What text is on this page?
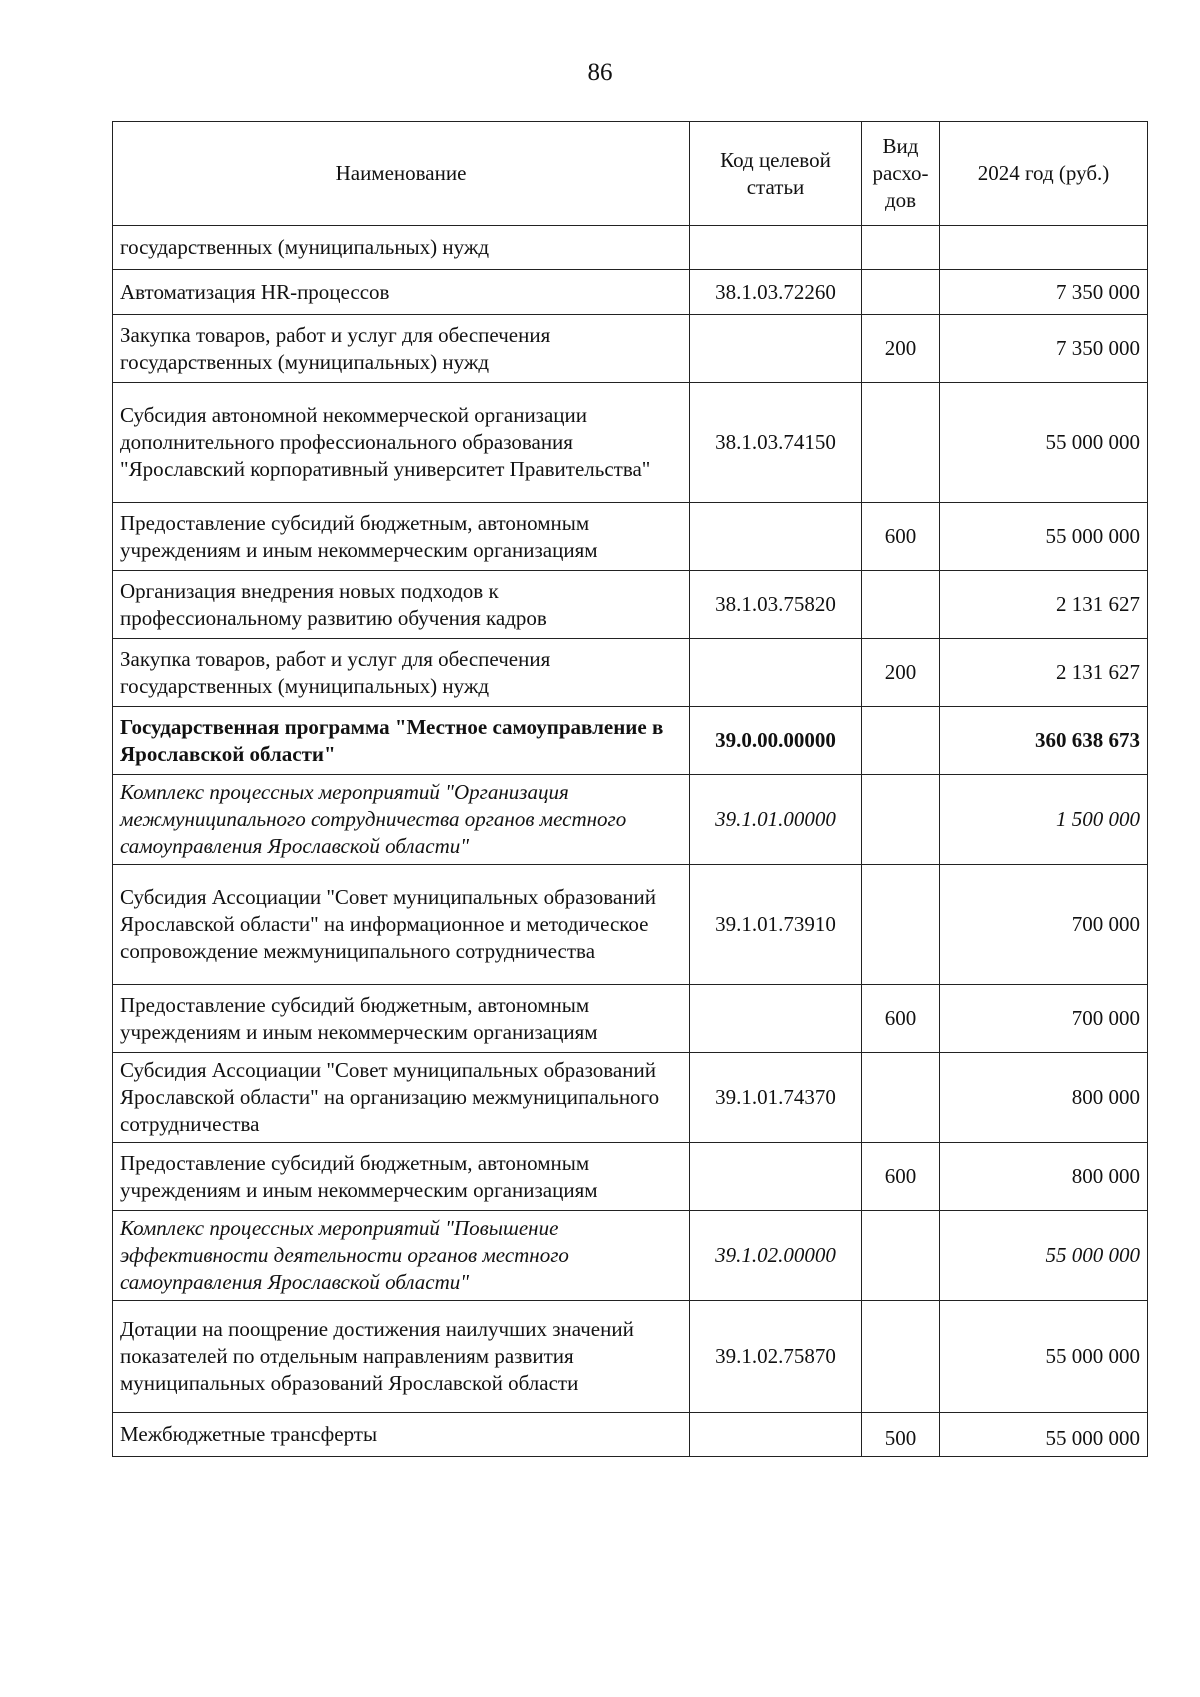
86
Наименование	Код целевой статьи	Вид расхо-дов	2024 год (руб.)
государственных (муниципальных) нужд			
Автоматизация HR-процессов	38.1.03.72260		7 350 000
Закупка товаров, работ и услуг для обеспечения государственных (муниципальных) нужд		200	7 350 000
Субсидия автономной некоммерческой организации дополнительного профессионального образования "Ярославский корпоративный университет Правительства"	38.1.03.74150		55 000 000
Предоставление субсидий бюджетным, автономным учреждениям и иным некоммерческим организациям		600	55 000 000
Организация внедрения новых подходов к профессиональному развитию обучения кадров	38.1.03.75820		2 131 627
Закупка товаров, работ и услуг для обеспечения государственных (муниципальных) нужд		200	2 131 627
Государственная программа "Местное самоуправление в Ярославской области"	39.0.00.00000		360 638 673
Комплекс процессных мероприятий "Организация межмуниципального сотрудничества органов местного самоуправления Ярославской области"	39.1.01.00000		1 500 000
Субсидия Ассоциации "Совет муниципальных образований Ярославской области" на информационное и методическое сопровождение межмуниципального сотрудничества	39.1.01.73910		700 000
Предоставление субсидий бюджетным, автономным учреждениям и иным некоммерческим организациям		600	700 000
Субсидия Ассоциации "Совет муниципальных образований Ярославской области" на организацию межмуниципального сотрудничества	39.1.01.74370		800 000
Предоставление субсидий бюджетным, автономным учреждениям и иным некоммерческим организациям		600	800 000
Комплекс процессных мероприятий "Повышение эффективности деятельности органов местного самоуправления Ярославской области"	39.1.02.00000		55 000 000
Дотации на поощрение достижения наилучших значений показателей по отдельным направлениям развития муниципальных образований Ярославской области	39.1.02.75870		55 000 000
Межбюджетные трансферты		500	55 000 000
